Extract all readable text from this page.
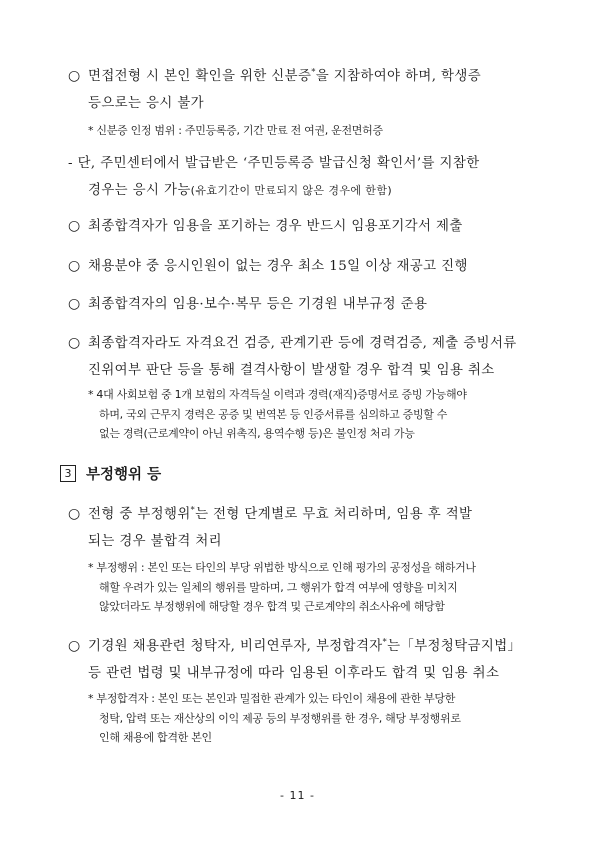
○ 면접전형 시 본인 확인을 위한 신분증*을 지참하여야 하며, 학생증
등으로는 응시 불가
* 신분증 인정 범위 : 주민등록증, 기간 만료 전 여권, 운전면허증
- 단, 주민센터에서 발급받은 ‘주민등록증 발급신청 확인서’를 지참한
경우는 응시 가능(유효기간이 만료되지 않은 경우에 한함)
○ 최종합격자가 임용을 포기하는 경우 반드시 임용포기각서 제출
○ 채용분야 중 응시인원이 없는 경우 최소 15일 이상 재공고 진행
○ 최종합격자의 임용·보수·복무 등은 기경원 내부규정 준용
○ 최종합격자라도 자격요건 검증, 관계기관 등에 경력검증, 제출 증빙서류
진위여부 판단 등을 통해 결격사항이 발생할 경우 합격 및 임용 취소
* 4대 사회보험 중 1개 보험의 자격득실 이력과 경력(재직)증명서로 증빙 가능해야
하며, 국외 근무지 경력은 공증 및 번역본 등 인증서류를 심의하고 증빙할 수
없는 경력(근로계약이 아닌 위촉직, 용역수행 등)은 불인정 처리 가능
3	부정행위 등
○ 전형 중 부정행위*는 전형 단계별로 무효 처리하며, 임용 후 적발
되는 경우 불합격 처리
* 부정행위 : 본인 또는 타인의 부당 위법한 방식으로 인해 평가의 공정성을 해하거나
해할 우려가 있는 일체의 행위를 말하며, 그 행위가 합격 여부에 영향을 미치지
않았더라도 부정행위에 해당할 경우 합격 및 근로계약의 취소사유에 해당함
○ 기경원 채용관련 청탁자, 비리연루자, 부정합격자*는「부정청탁금지법」
등 관련 법령 및 내부규정에 따라 임용된 이후라도 합격 및 임용 취소
* 부정합격자 : 본인 또는 본인과 밀접한 관계가 있는 타인이 채용에 관한 부당한
청탁, 압력 또는 재산상의 이익 제공 등의 부정행위를 한 경우, 해당 부정행위로
인해 채용에 합격한 본인
- 11 -
